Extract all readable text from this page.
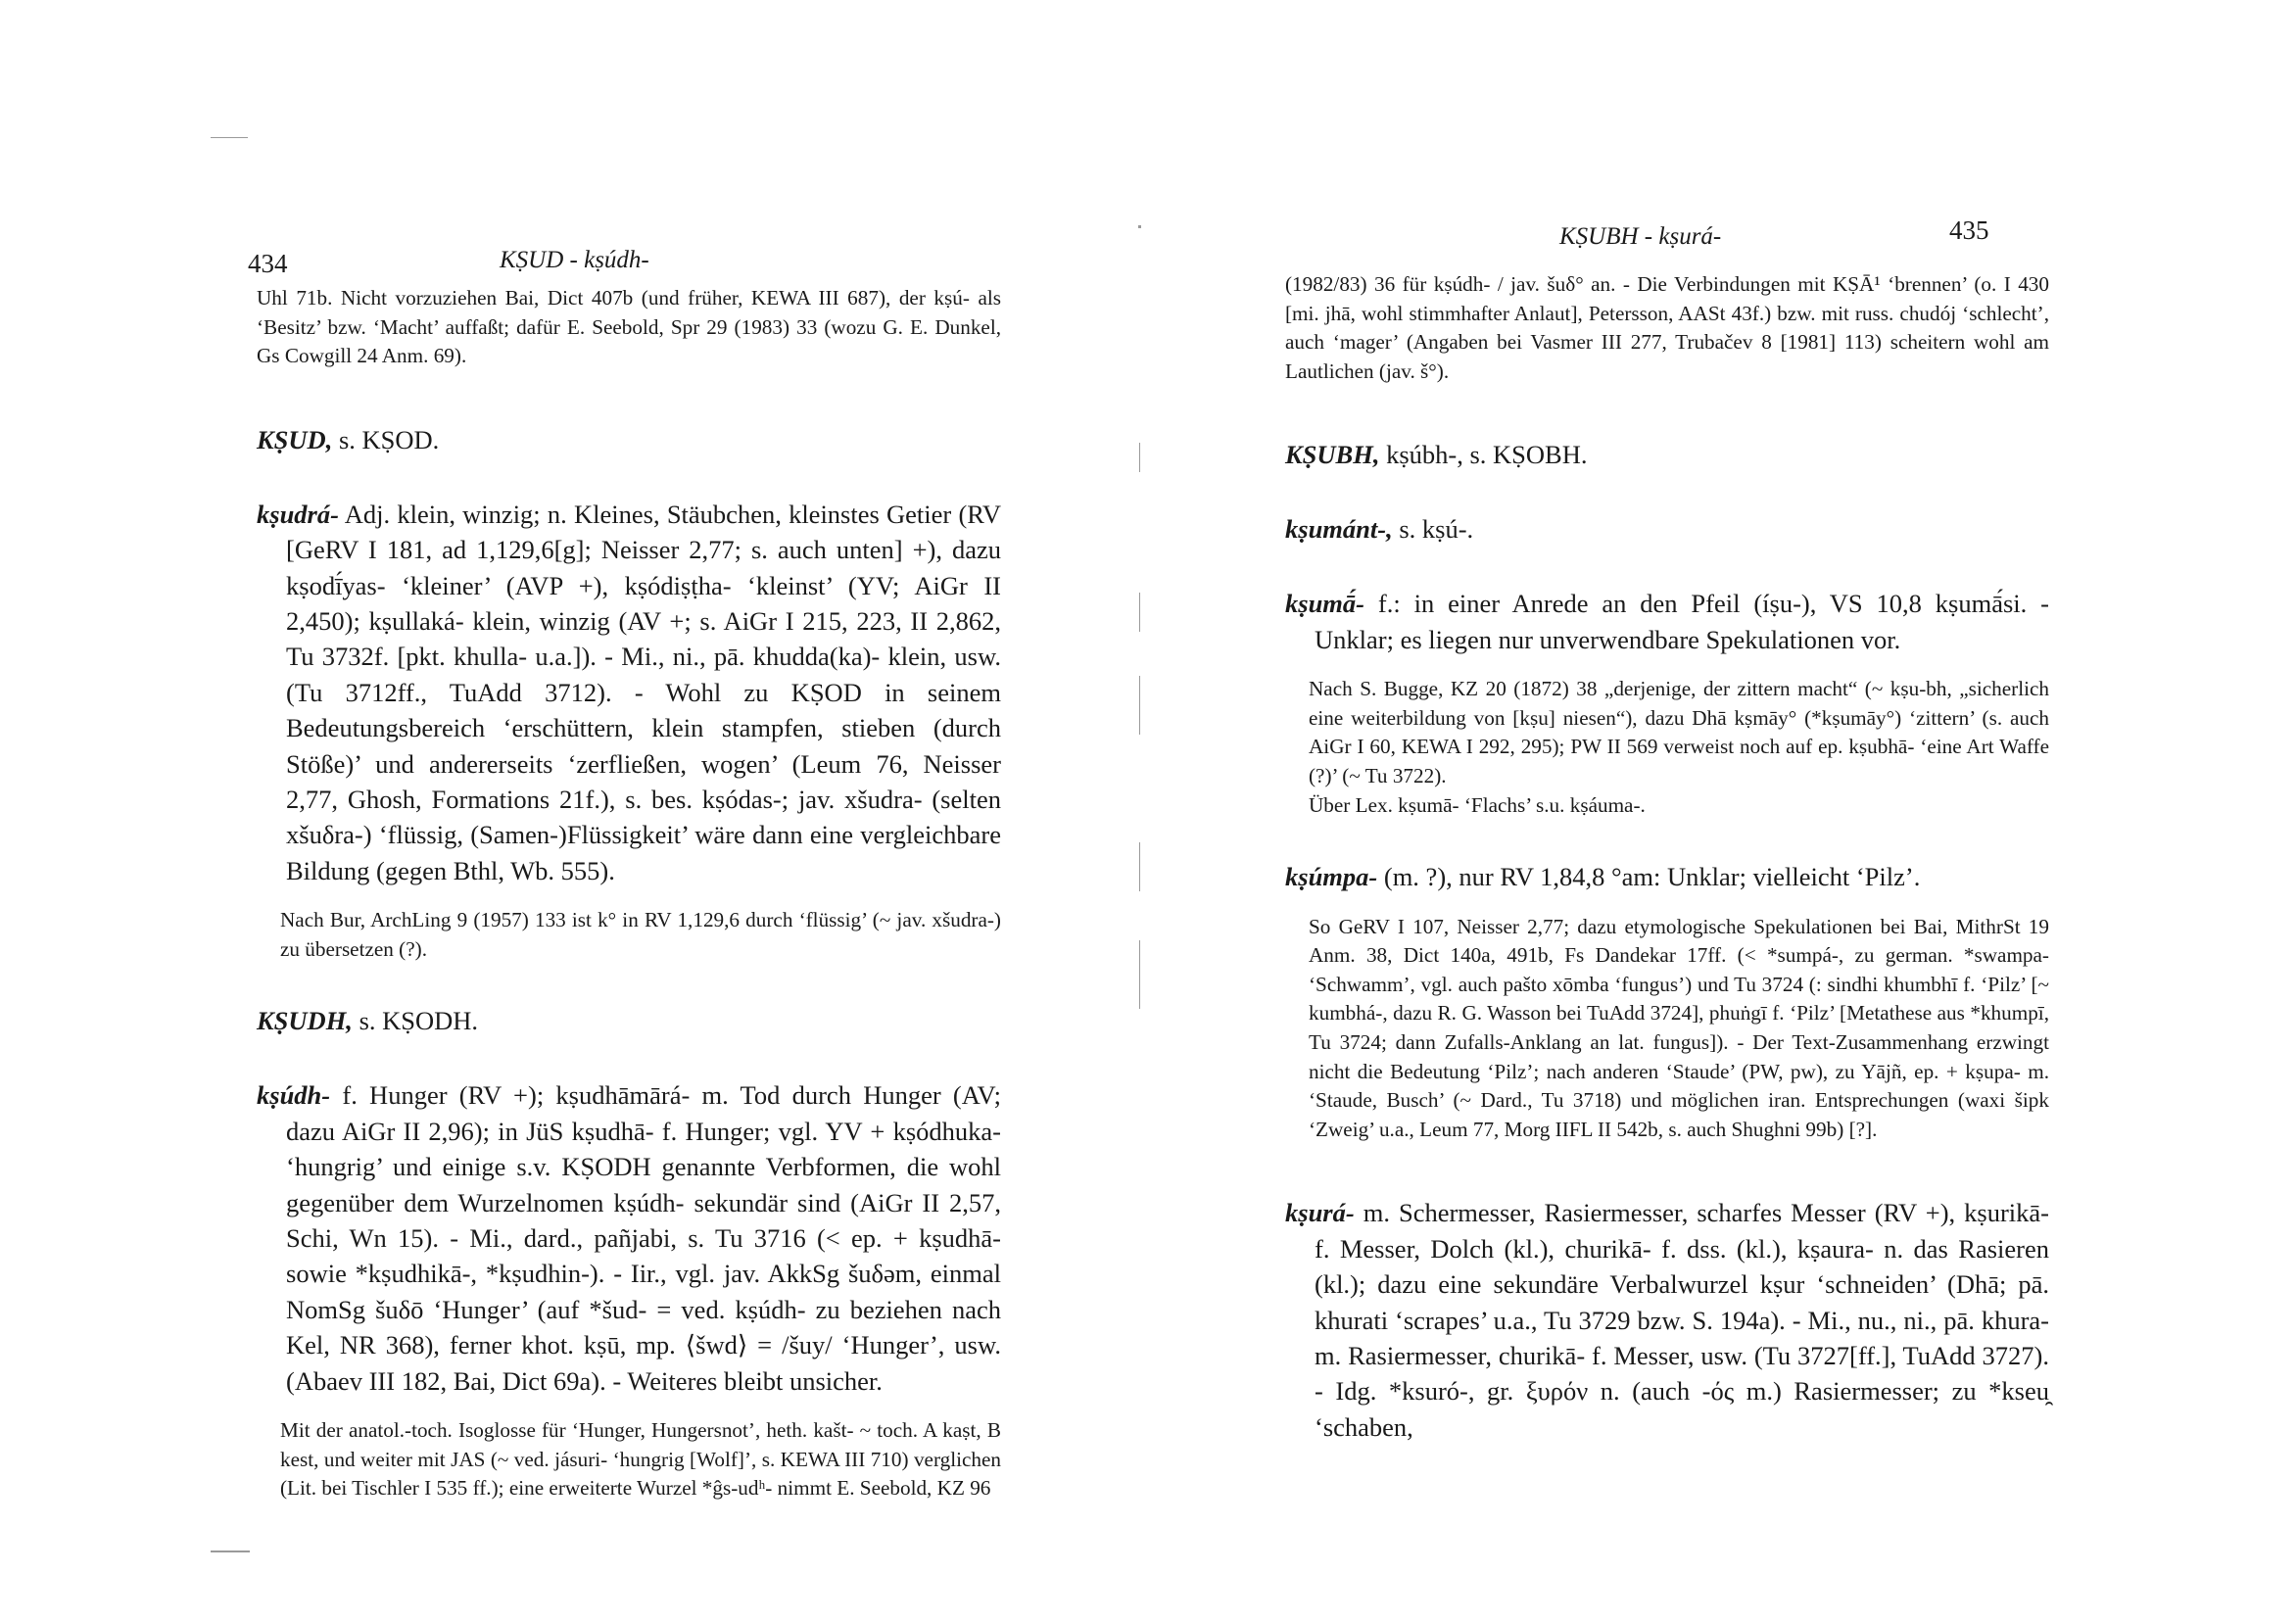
434	KṢUD - kṣúdh-
Uhl 71b. Nicht vorzuziehen Bai, Dict 407b (und früher, KEWA III 687), der kṣú- als ‘Besitz’ bzw. ‘Macht’ auffaßt; dafür E. Seebold, Spr 29 (1983) 33 (wozu G. E. Dunkel, Gs Cowgill 24 Anm. 69).
KṢUD, s. KṢOD.
kṣudrá- Adj. klein, winzig; n. Kleines, Stäubchen, kleinstes Getier (RV [GeRV I 181, ad 1,129,6[g]; Neisser 2,77; s. auch unten] +), dazu kṣodī́yas- ‘kleiner’ (AVP +), kṣódiṣṭha- ‘kleinst’ (YV; AiGr II 2,450); kṣullaká- klein, winzig (AV +; s. AiGr I 215, 223, II 2,862, Tu 3732f. [pkt. khulla- u.a.]). - Mi., ni., pā. khudda(ka)- klein, usw. (Tu 3712ff., TuAdd 3712). - Wohl zu KṢOD in seinem Bedeutungsbereich ‘erschüttern, klein stampfen, stieben (durch Stöße)’ und andererseits ‘zerfließen, wogen’ (Leum 76, Neisser 2,77, Ghosh, Formations 21f.), s. bes. kṣódas-; jav. xšudra- (selten xšuδra-) ‘flüssig, (Samen-)Flüssigkeit’ wäre dann eine vergleichbare Bildung (gegen Bthl, Wb. 555).
Nach Bur, ArchLing 9 (1957) 133 ist k° in RV 1,129,6 durch ‘flüssig’ (~ jav. xšudra-) zu übersetzen (?).
KṢUDH, s. KṢODH.
kṣúdh- f. Hunger (RV +); kṣudhāmārá- m. Tod durch Hunger (AV; dazu AiGr II 2,96); in JüS kṣudhā- f. Hunger; vgl. YV + kṣódhuka- ‘hungrig’ und einige s.v. KṢODH genannte Verbformen, die wohl gegenüber dem Wurzelnomen kṣúdh- sekundär sind (AiGr II 2,57, Schi, Wn 15). - Mi., dard., pañjabi, s. Tu 3716 (< ep. + kṣudhā- sowie *kṣudhikā-, *kṣudhin-). - Iir., vgl. jav. AkkSg šuδəm, einmal NomSg šuδō ‘Hunger’ (auf *šud- = ved. kṣúdh- zu beziehen nach Kel, NR 368), ferner khot. kṣū, mp. ⟨šwd⟩ = /šuy/ ‘Hunger’, usw. (Abaev III 182, Bai, Dict 69a). - Weiteres bleibt unsicher.
Mit der anatol.-toch. Isoglosse für ‘Hunger, Hungersnot’, heth. kašt- ~ toch. A kaṣt, B kest, und weiter mit JAS (~ ved. jásuri- ‘hungrig [Wolf]’, s. KEWA III 710) verglichen (Lit. bei Tischler I 535 ff.); eine erweiterte Wurzel *ĝs-udʰ- nimmt E. Seebold, KZ 96
KṢUBH - kṣurá-	435
(1982/83) 36 für kṣúdh- / jav. šuδ° an. - Die Verbindungen mit KṢĀ¹ ‘brennen’ (o. I 430 [mi. jhā, wohl stimmhafter Anlaut], Petersson, AASt 43f.) bzw. mit russ. chudój ‘schlecht’, auch ‘mager’ (Angaben bei Vasmer III 277, Trubačev 8 [1981] 113) scheitern wohl am Lautlichen (jav. š°).
KṢUBH, kṣúbh-, s. KṢOBH.
kṣumánt-, s. kṣú-.
kṣumā́- f.: in einer Anrede an den Pfeil (íṣu-), VS 10,8 kṣumā́si. - Unklar; es liegen nur unverwendbare Spekulationen vor.
Nach S. Bugge, KZ 20 (1872) 38 „derjenige, der zittern macht“ (~ kṣu-bh, „sicherlich eine weiterbildung von [kṣu] niesen“), dazu Dhā kṣmāy° (*kṣumāy°) ‘zittern’ (s. auch AiGr I 60, KEWA I 292, 295); PW II 569 verweist noch auf ep. kṣubhā- ‘eine Art Waffe (?)’ (~ Tu 3722).
Über Lex. kṣumā- ‘Flachs’ s.u. kṣáuma-.
kṣúmpa- (m. ?), nur RV 1,84,8 °am: Unklar; vielleicht ‘Pilz’.
So GeRV I 107, Neisser 2,77; dazu etymologische Spekulationen bei Bai, MithrSt 19 Anm. 38, Dict 140a, 491b, Fs Dandekar 17ff. (< *sumpá-, zu german. *swampa- ‘Schwamm’, vgl. auch pašto xōmba ‘fungus’) und Tu 3724 (: sindhi khumbhī f. ‘Pilz’ [~ kumbhá-, dazu R. G. Wasson bei TuAdd 3724], phuṅgī f. ‘Pilz’ [Metathese aus *khumpī, Tu 3724; dann Zufalls-Anklang an lat. fungus]). - Der Text-Zusammenhang erzwingt nicht die Bedeutung ‘Pilz’; nach anderen ‘Staude’ (PW, pw), zu Yājñ, ep. + kṣupa- m. ‘Staude, Busch’ (~ Dard., Tu 3718) und möglichen iran. Entsprechungen (waxi šipk ‘Zweig’ u.a., Leum 77, Morg IIFL II 542b, s. auch Shughni 99b) [?].
kṣurá- m. Schermesser, Rasiermesser, scharfes Messer (RV +), kṣurikā- f. Messer, Dolch (kl.), churikā- f. dss. (kl.), kṣaura- n. das Rasieren (kl.); dazu eine sekundäre Verbalwurzel kṣur ‘schneiden’ (Dhā; pā. khurati ‘scrapes’ u.a., Tu 3729 bzw. S. 194a). - Mi., nu., ni., pā. khura- m. Rasiermesser, churikā- f. Messer, usw. (Tu 3727[ff.], TuAdd 3727). - Idg. *ksuró-, gr. ξυρόν n. (auch -ός m.) Rasiermesser; zu *kseu̯ ‘schaben,
